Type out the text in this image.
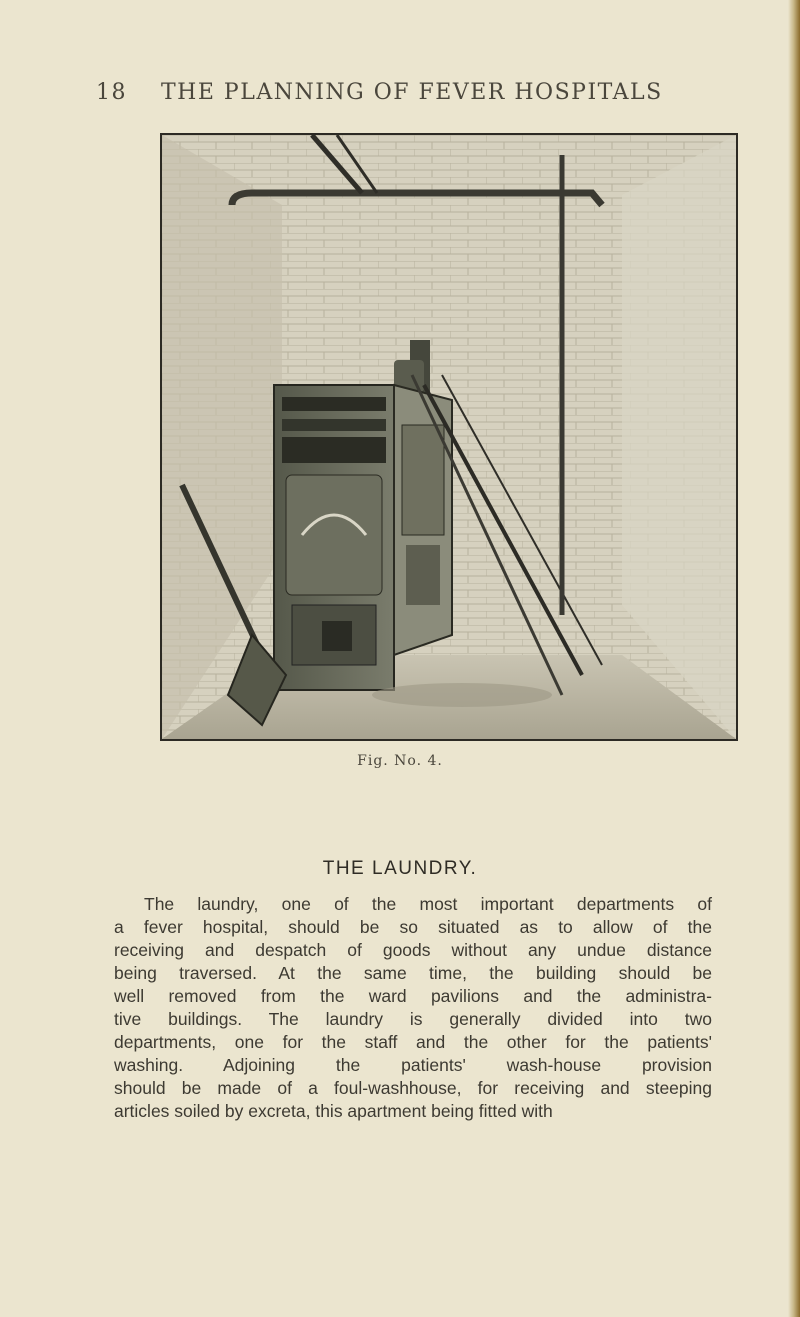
18 THE PLANNING OF FEVER HOSPITALS
Fig. No. 4.
THE LAUNDRY.
The laundry, one of the most important departments of
a fever hospital, should be so situated as to allow of the
receiving and despatch of goods without any undue distance
being traversed. At the same time, the building should be
well removed from the ward pavilions and the administra-
tive buildings. The laundry is generally divided into two
departments, one for the staff and the other for the patients'
washing. Adjoining the patients' wash-house provision
should be made of a foul-washhouse, for receiving and steeping
articles soiled by excreta, this apartment being fitted with
